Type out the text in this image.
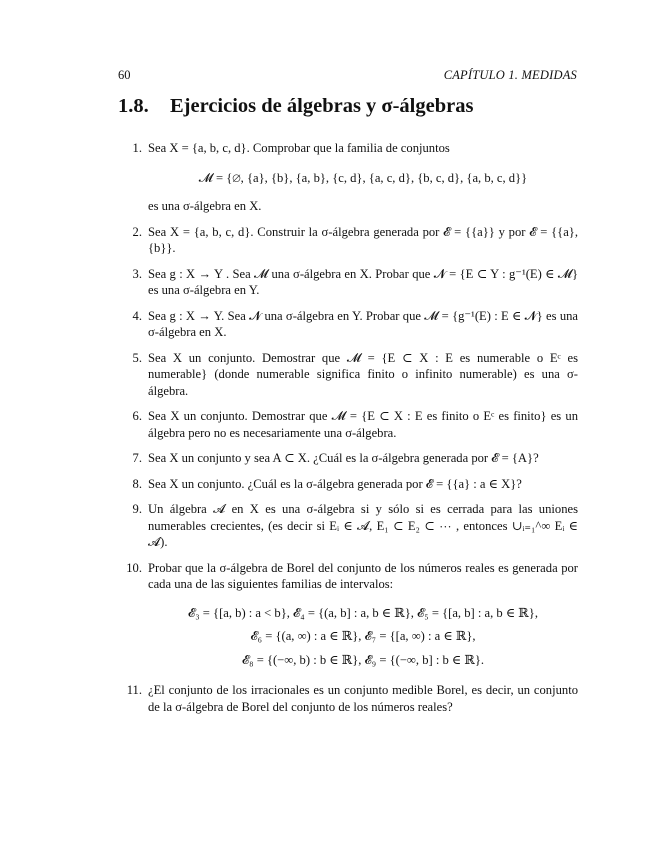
60	CAPÍTULO 1. MEDIDAS
1.8. Ejercicios de álgebras y σ-álgebras
1. Sea X = {a, b, c, d}. Comprobar que la familia de conjuntos
𝓜 = {∅, {a}, {b}, {a, b}, {c, d}, {a, c, d}, {b, c, d}, {a, b, c, d}}
es una σ-álgebra en X.
2. Sea X = {a, b, c, d}. Construir la σ-álgebra generada por 𝓔 = {{a}} y por 𝓔 = {{a}, {b}}.
3. Sea g : X → Y . Sea 𝓜 una σ-álgebra en X. Probar que 𝓝 = {E ⊂ Y : g⁻¹(E) ∈ 𝓜} es una σ-álgebra en Y.
4. Sea g : X → Y. Sea 𝓝 una σ-álgebra en Y. Probar que 𝓜 = {g⁻¹(E) : E ∈ 𝓝} es una σ-álgebra en X.
5. Sea X un conjunto. Demostrar que 𝓜 = {E ⊂ X : E es numerable o Eᶜ es numerable} (donde numerable significa finito o infinito numerable) es una σ-álgebra.
6. Sea X un conjunto. Demostrar que 𝓜 = {E ⊂ X : E es finito o Eᶜ es finito} es un álgebra pero no es necesariamente una σ-álgebra.
7. Sea X un conjunto y sea A ⊂ X. ¿Cuál es la σ-álgebra generada por 𝓔 = {A}?
8. Sea X un conjunto. ¿Cuál es la σ-álgebra generada por 𝓔 = {{a} : a ∈ X}?
9. Un álgebra 𝓐 en X es una σ-álgebra si y sólo si es cerrada para las uniones numerables crecientes, (es decir si Eᵢ ∈ 𝓐, E₁ ⊂ E₂ ⊂ ⋯ , entonces ∪ᵢ₌₁^∞ Eᵢ ∈ 𝓐).
10. Probar que la σ-álgebra de Borel del conjunto de los números reales es generada por cada una de las siguientes familias de intervalos:
𝓔₃ = {[a, b) : a < b}, 𝓔₄ = {(a, b] : a, b ∈ ℝ}, 𝓔₅ = {[a, b] : a, b ∈ ℝ},
𝓔₆ = {(a, ∞) : a ∈ ℝ}, 𝓔₇ = {[a, ∞) : a ∈ ℝ},
𝓔₈ = {(−∞, b) : b ∈ ℝ}, 𝓔₉ = {(−∞, b] : b ∈ ℝ}.
11. ¿El conjunto de los irracionales es un conjunto medible Borel, es decir, un conjunto de la σ-álgebra de Borel del conjunto de los números reales?
